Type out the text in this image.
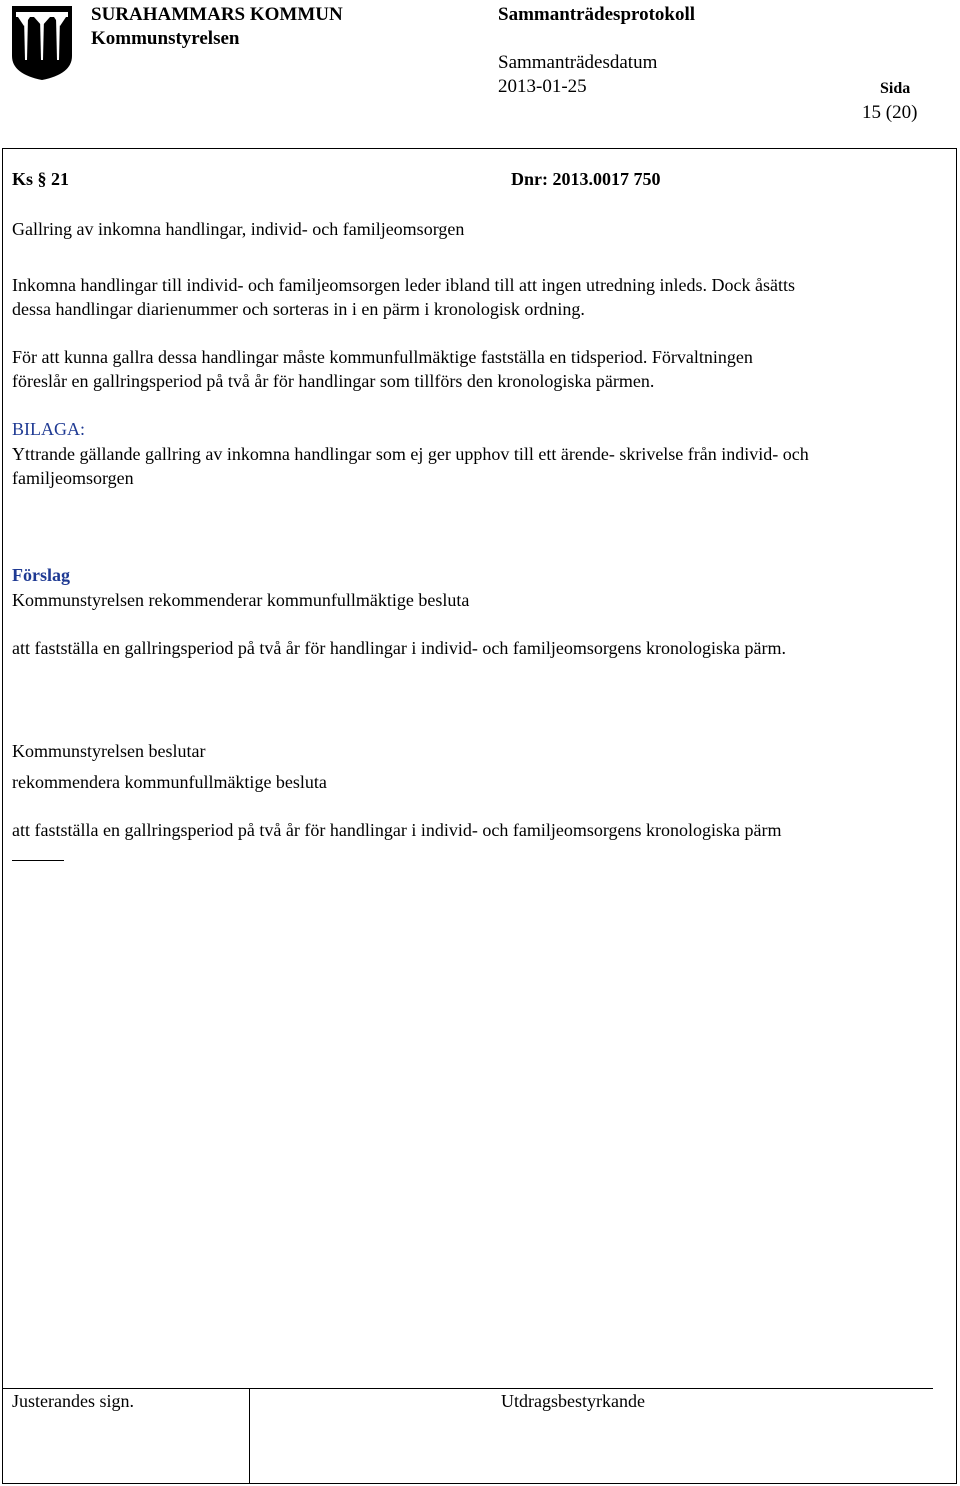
SURAHAMMARS KOMMUN
Kommunstyrelsen
Sammanträdesprotokoll
Sammanträdesdatum
2013-01-25	Sida
15 (20)
Ks § 21	Dnr: 2013.0017 750
Gallring av inkomna handlingar, individ- och familjeomsorgen
Inkomna handlingar till individ- och familjeomsorgen leder ibland till att ingen utredning inleds. Dock åsätts
dessa handlingar diarienummer och sorteras in i en pärm i kronologisk ordning.
För att kunna gallra dessa handlingar måste kommunfullmäktige fastställa en tidsperiod. Förvaltningen
föreslår en gallringsperiod på två år för handlingar som tillförs den kronologiska pärmen.
BILAGA:
Yttrande gällande gallring av inkomna handlingar som ej ger upphov till ett ärende- skrivelse från individ- och
familjeomsorgen
Förslag
Kommunstyrelsen rekommenderar kommunfullmäktige besluta
att fastställa en gallringsperiod på två år för handlingar i individ- och familjeomsorgens kronologiska pärm.
Kommunstyrelsen beslutar
rekommendera kommunfullmäktige besluta
att fastställa en gallringsperiod på två år för handlingar i individ- och familjeomsorgens kronologiska pärm
Justerandes sign.	Utdragsbestyrkande
